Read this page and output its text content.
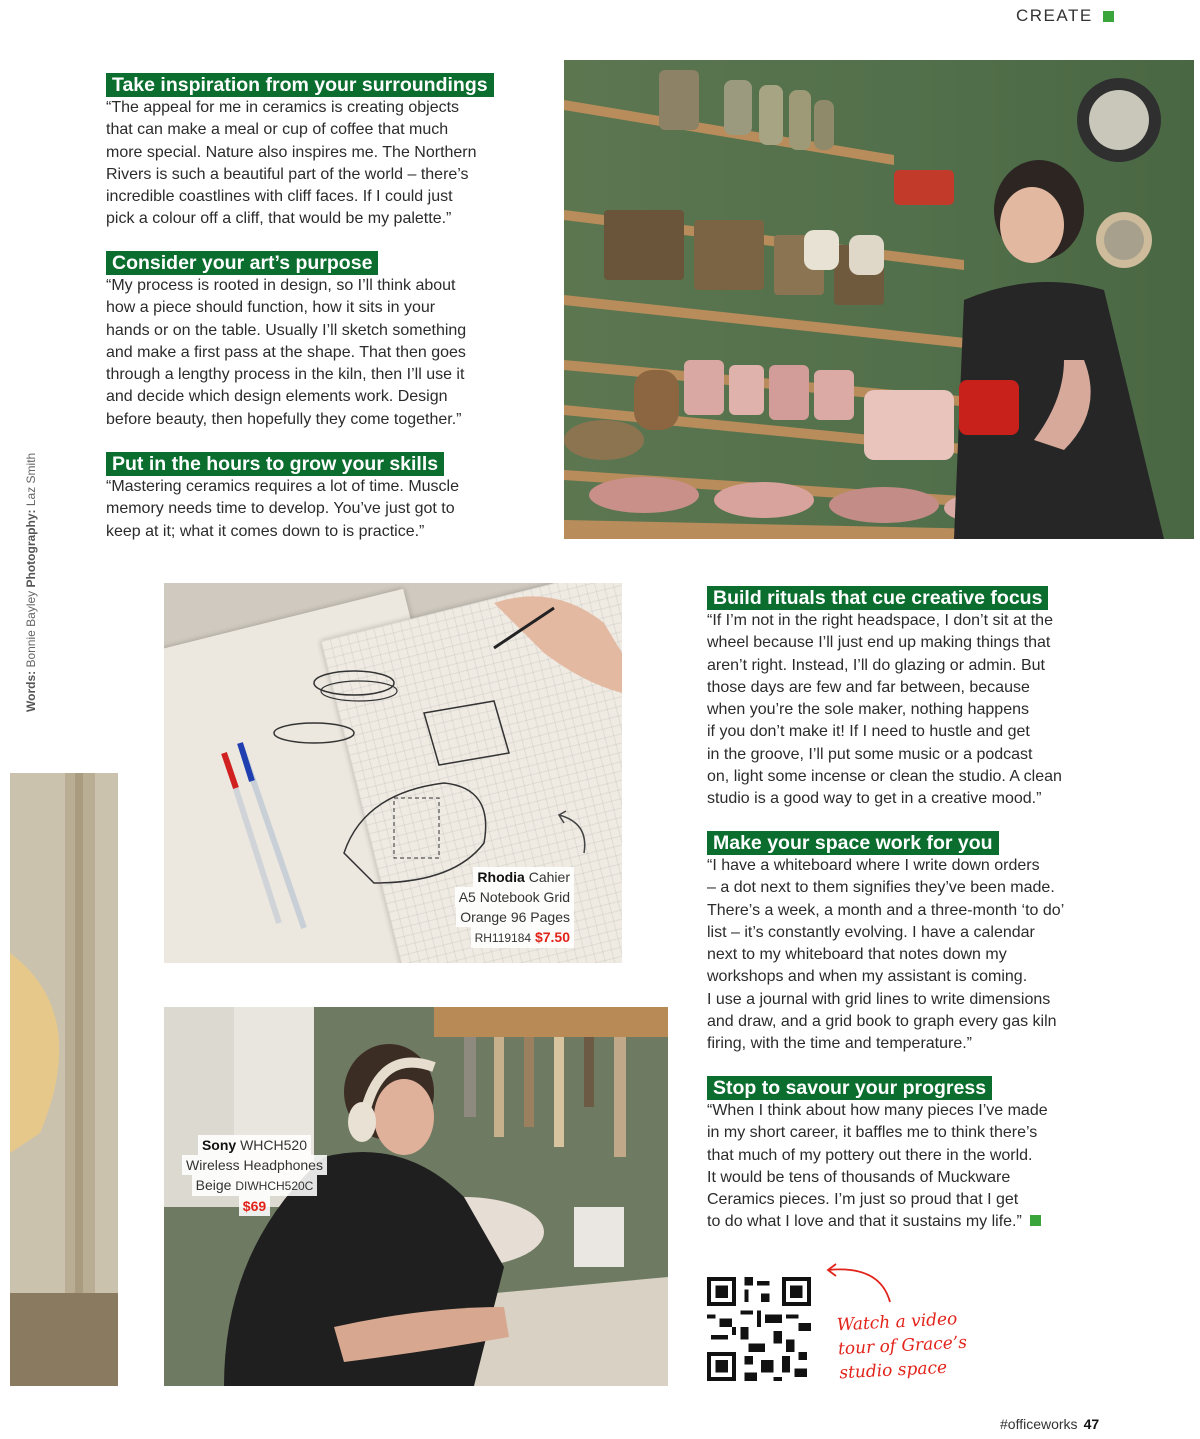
CREATE
Words: Bonnie Bayley Photography: Laz Smith
Take inspiration from your surroundings
“The appeal for me in ceramics is creating objects
that can make a meal or cup of coffee that much
more special. Nature also inspires me. The Northern
Rivers is such a beautiful part of the world – there’s
incredible coastlines with cliff faces. If I could just
pick a colour off a cliff, that would be my palette.”
Consider your art’s purpose
“My process is rooted in design, so I’ll think about
how a piece should function, how it sits in your
hands or on the table. Usually I’ll sketch something
and make a first pass at the shape. That then goes
through a lengthy process in the kiln, then I’ll use it
and decide which design elements work. Design
before beauty, then hopefully they come together.”
Put in the hours to grow your skills
“Mastering ceramics requires a lot of time. Muscle
memory needs time to develop. You’ve just got to
keep at it; what it comes down to is practice.”
Build rituals that cue creative focus
“If I’m not in the right headspace, I don’t sit at the
wheel because I’ll just end up making things that
aren’t right. Instead, I’ll do glazing or admin. But
those days are few and far between, because
when you’re the sole maker, nothing happens
if you don’t make it! If I need to hustle and get
in the groove, I’ll put some music or a podcast
on, light some incense or clean the studio. A clean
studio is a good way to get in a creative mood.”
Make your space work for you
“I have a whiteboard where I write down orders
– a dot next to them signifies they’ve been made.
There’s a week, a month and a three-month ‘to do’
list – it’s constantly evolving. I have a calendar
next to my whiteboard that notes down my
workshops and when my assistant is coming.
I use a journal with grid lines to write dimensions
and draw, and a grid book to graph every gas kiln
firing, with the time and temperature.”
Stop to savour your progress
“When I think about how many pieces I’ve made
in my short career, it baffles me to think there’s
that much of my pottery out there in the world.
It would be tens of thousands of Muckware
Ceramics pieces. I’m just so proud that I get
to do what I love and that it sustains my life.”
Rhodia Cahier
A5 Notebook Grid
Orange 96 Pages
RH119184 $7.50
Sony WHCH520
Wireless Headphones
Beige DIWHCH520C
$69
Watch a video
tour of Grace’s
studio space
#officeworks 47
